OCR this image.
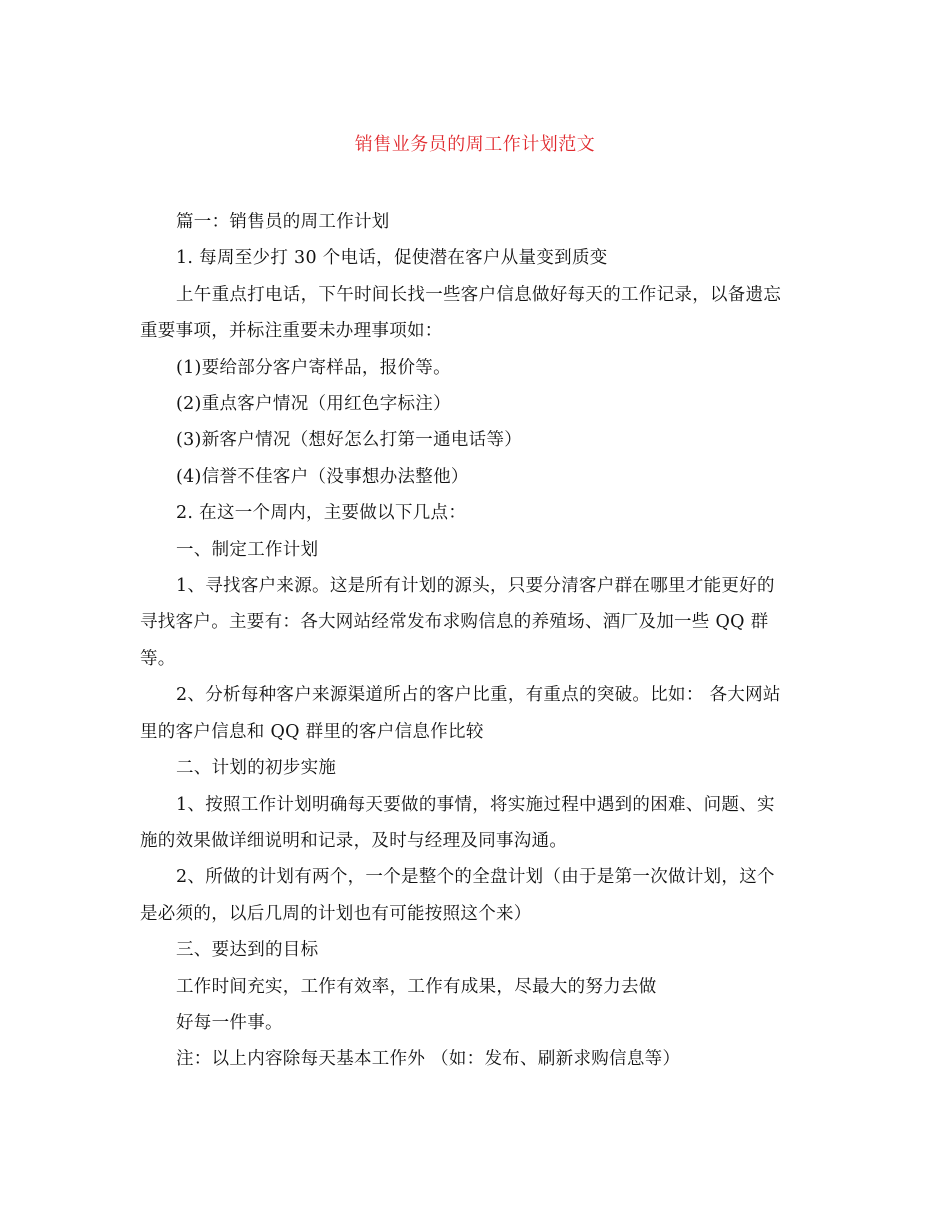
销售业务员的周工作计划范文

篇一：销售员的周工作计划

1. 每周至少打 30 个电话，促使潜在客户从量变到质变

上午重点打电话，下午时间长找一些客户信息做好每天的工作记录，以备遗忘

重要事项，并标注重要未办理事项如：

(1)要给部分客户寄样品，报价等。

(2)重点客户情况（用红色字标注）

(3)新客户情况（想好怎么打第一通电话等）

(4)信誉不佳客户（没事想办法整他）

2. 在这一个周内，主要做以下几点：

一、制定工作计划

1、寻找客户来源。这是所有计划的源头，只要分清客户群在哪里才能更好的

寻找客户。主要有：各大网站经常发布求购信息的养殖场、酒厂及加一些 QQ 群

等。

2、分析每种客户来源渠道所占的客户比重，有重点的突破。比如： 各大网站

里的客户信息和 QQ 群里的客户信息作比较

二、计划的初步实施

1、按照工作计划明确每天要做的事情，将实施过程中遇到的困难、问题、实

施的效果做详细说明和记录，及时与经理及同事沟通。

2、所做的计划有两个，一个是整个的全盘计划（由于是第一次做计划，这个

是必须的，以后几周的计划也有可能按照这个来）

三、要达到的目标

工作时间充实，工作有效率，工作有成果，尽最大的努力去做

好每一件事。

注：以上内容除每天基本工作外 （如：发布、刷新求购信息等）
